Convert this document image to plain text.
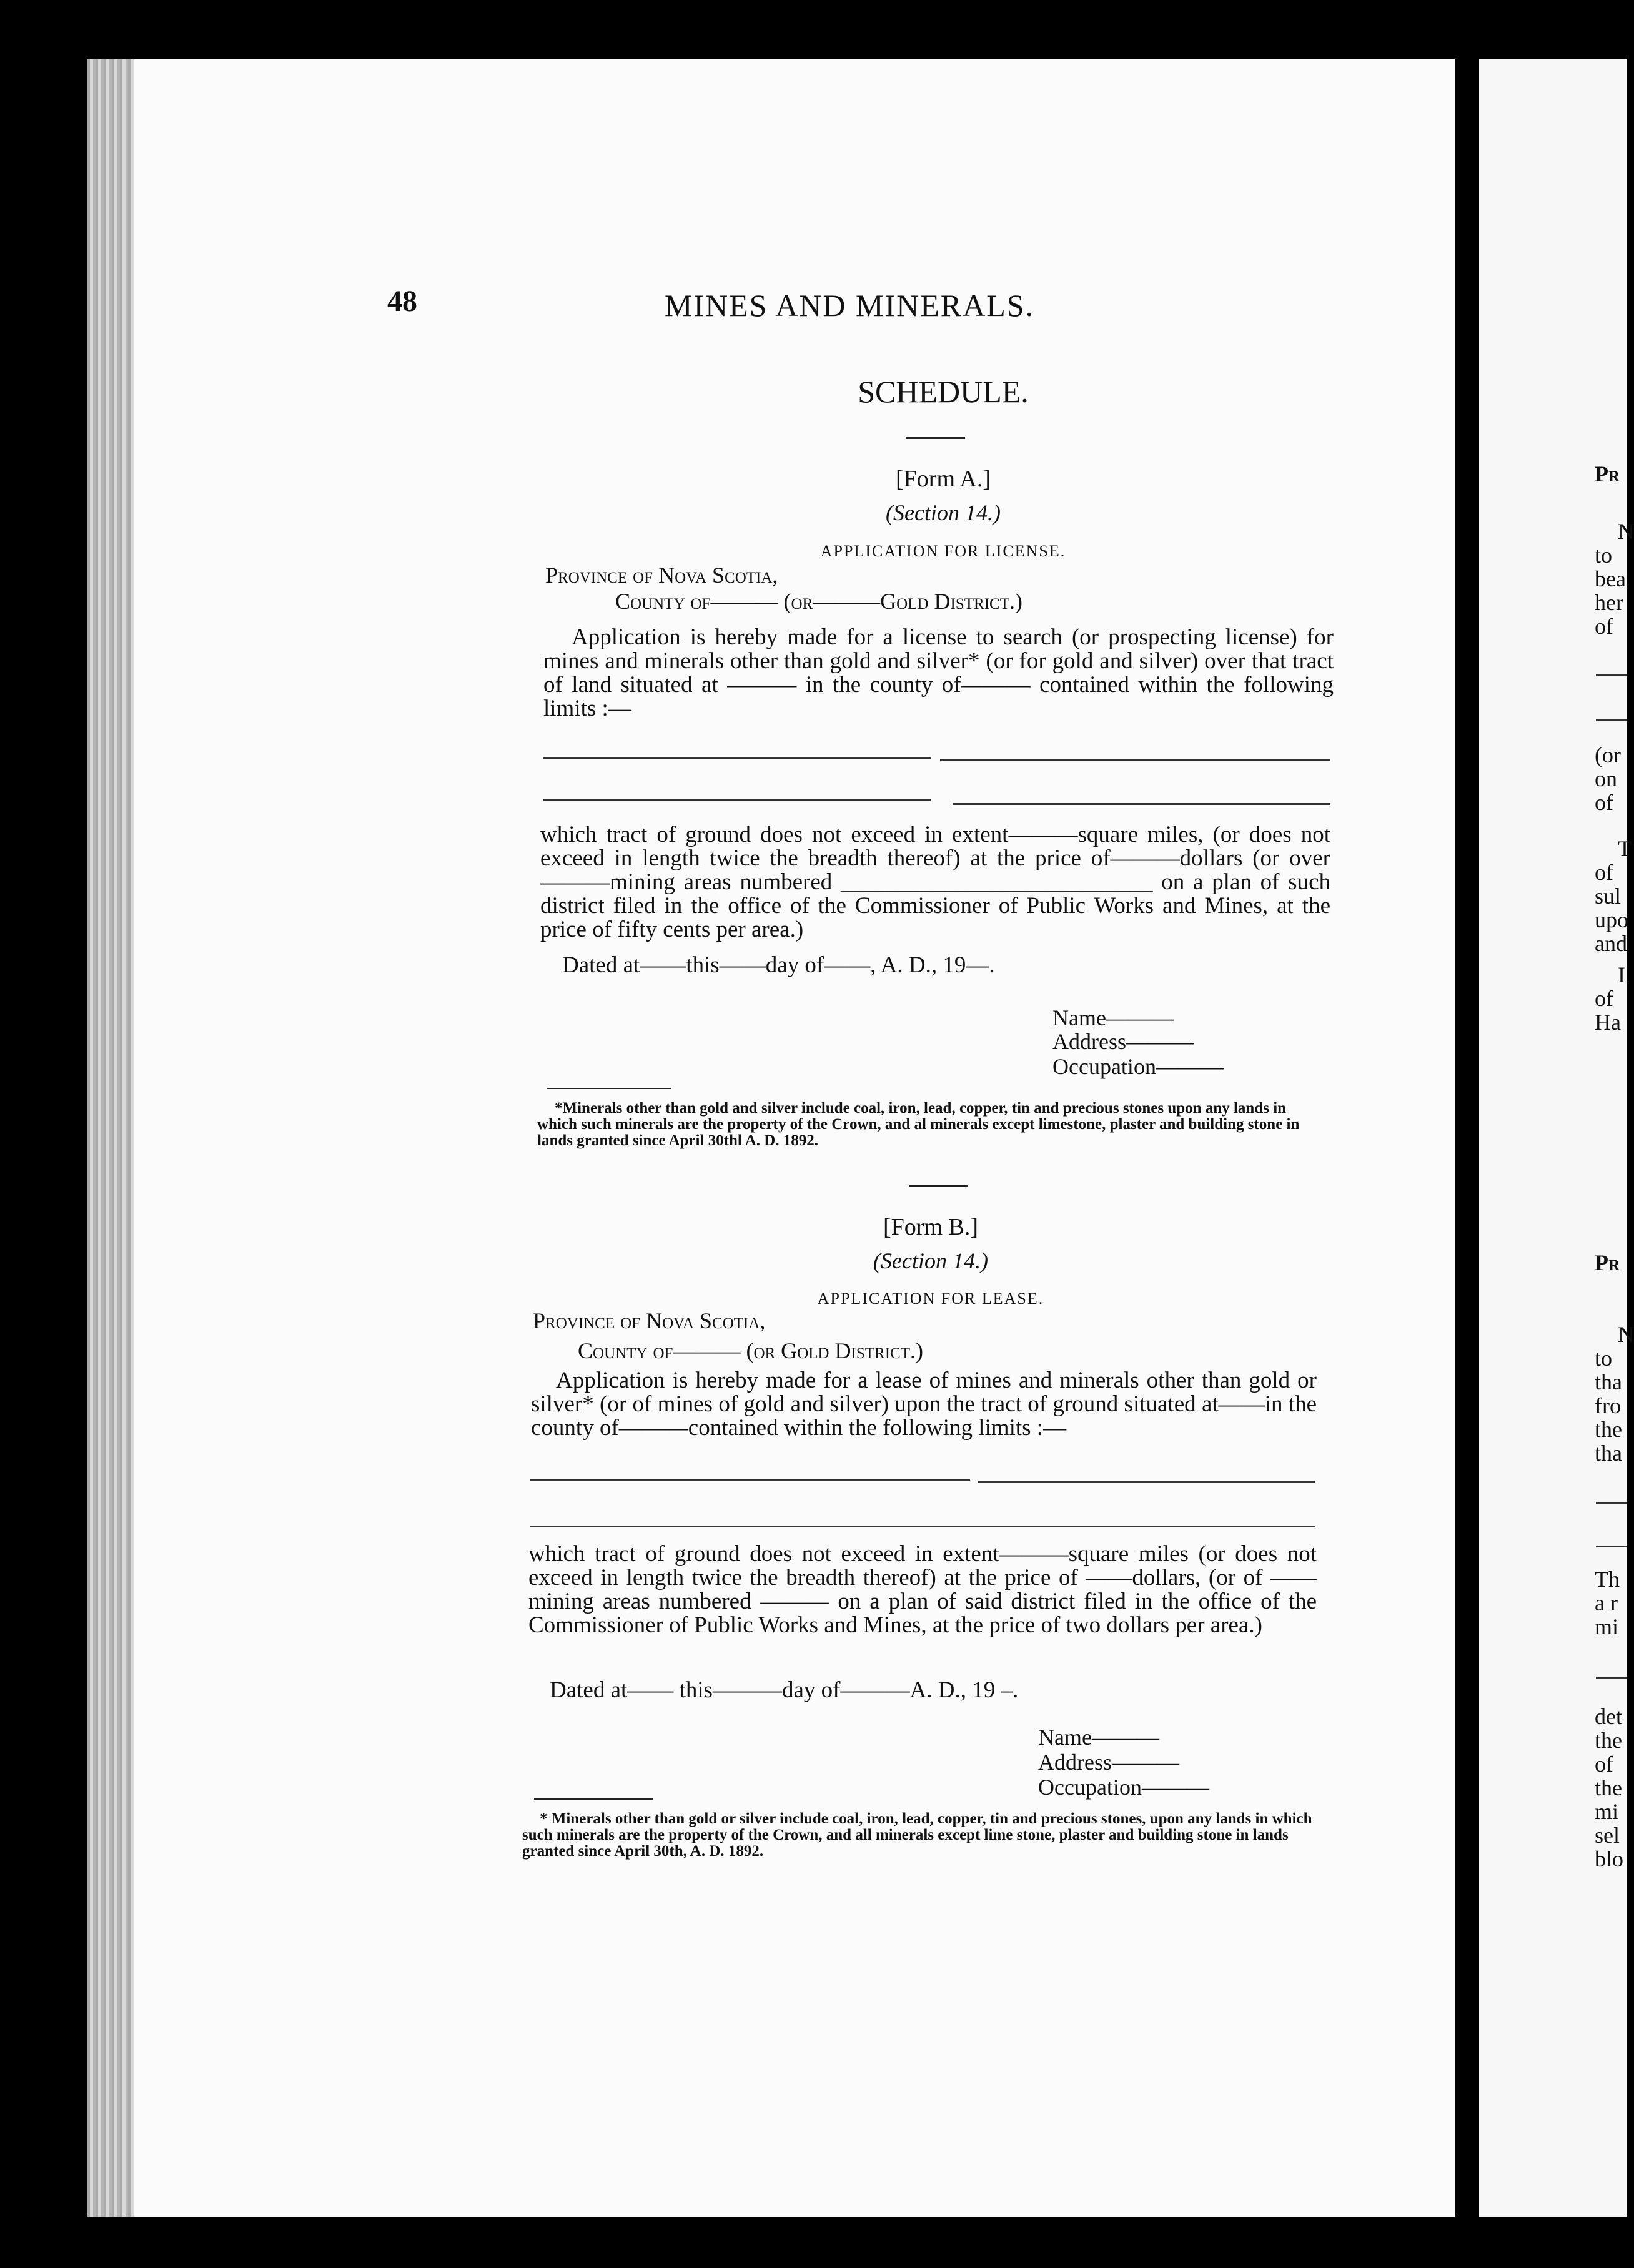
48	MINES AND MINERALS.
SCHEDULE.
[Form A.]
(Section 14.)
APPLICATION FOR LICENSE.
Province of Nova Scotia,
County of——— (or———Gold District.)
Application is hereby made for a license to search (or prospecting license) for mines and minerals other than gold and silver* (or for gold and silver) over that tract of land situated at ——— in the county of——— contained within the following limits :—
which tract of ground does not exceed in extent———square miles, (or does not exceed in length twice the breadth thereof) at the price of———dollars (or over———mining areas numbered ___________________________ on a plan of such district filed in the office of the Commissioner of Public Works and Mines, at the price of fifty cents per area.)
Dated at——this——day of——, A. D., 19—.
Name———
Address———
Occupation———
*Minerals other than gold and silver include coal, iron, lead, copper, tin and precious stones upon any lands in which such minerals are the property of the Crown, and al minerals except limestone, plaster and building stone in lands granted since April 30thl A. D. 1892.
[Form B.]
(Section 14.)
APPLICATION FOR LEASE.
Province of Nova Scotia,
County of——— (or Gold District.)
Application is hereby made for a lease of mines and minerals other than gold or silver* (or of mines of gold and silver) upon the tract of ground situated at——in the county of———contained within the following limits :—
which tract of ground does not exceed in extent———square miles (or does not exceed in length twice the breadth thereof) at the price of ——dollars, (or of —— mining areas numbered ——— on a plan of said district filed in the office of the Commissioner of Public Works and Mines, at the price of two dollars per area.)
Dated at—— this———day of———A. D., 19 –.
Name———
Address———
Occupation———
* Minerals other than gold or silver include coal, iron, lead, copper, tin and precious stones, upon any lands in which such minerals are the property of the Crown, and all minerals except lime stone, plaster and building stone in lands granted since April 30th, A. D. 1892.
Pr
N
to
bea
her
of
(or
on
of
T
of
sul
upo
and
I
of
Ha
Pr
N
to
tha
fro
the
tha
Th
a r
mi
det
the
of
the
mi
sel
blo
